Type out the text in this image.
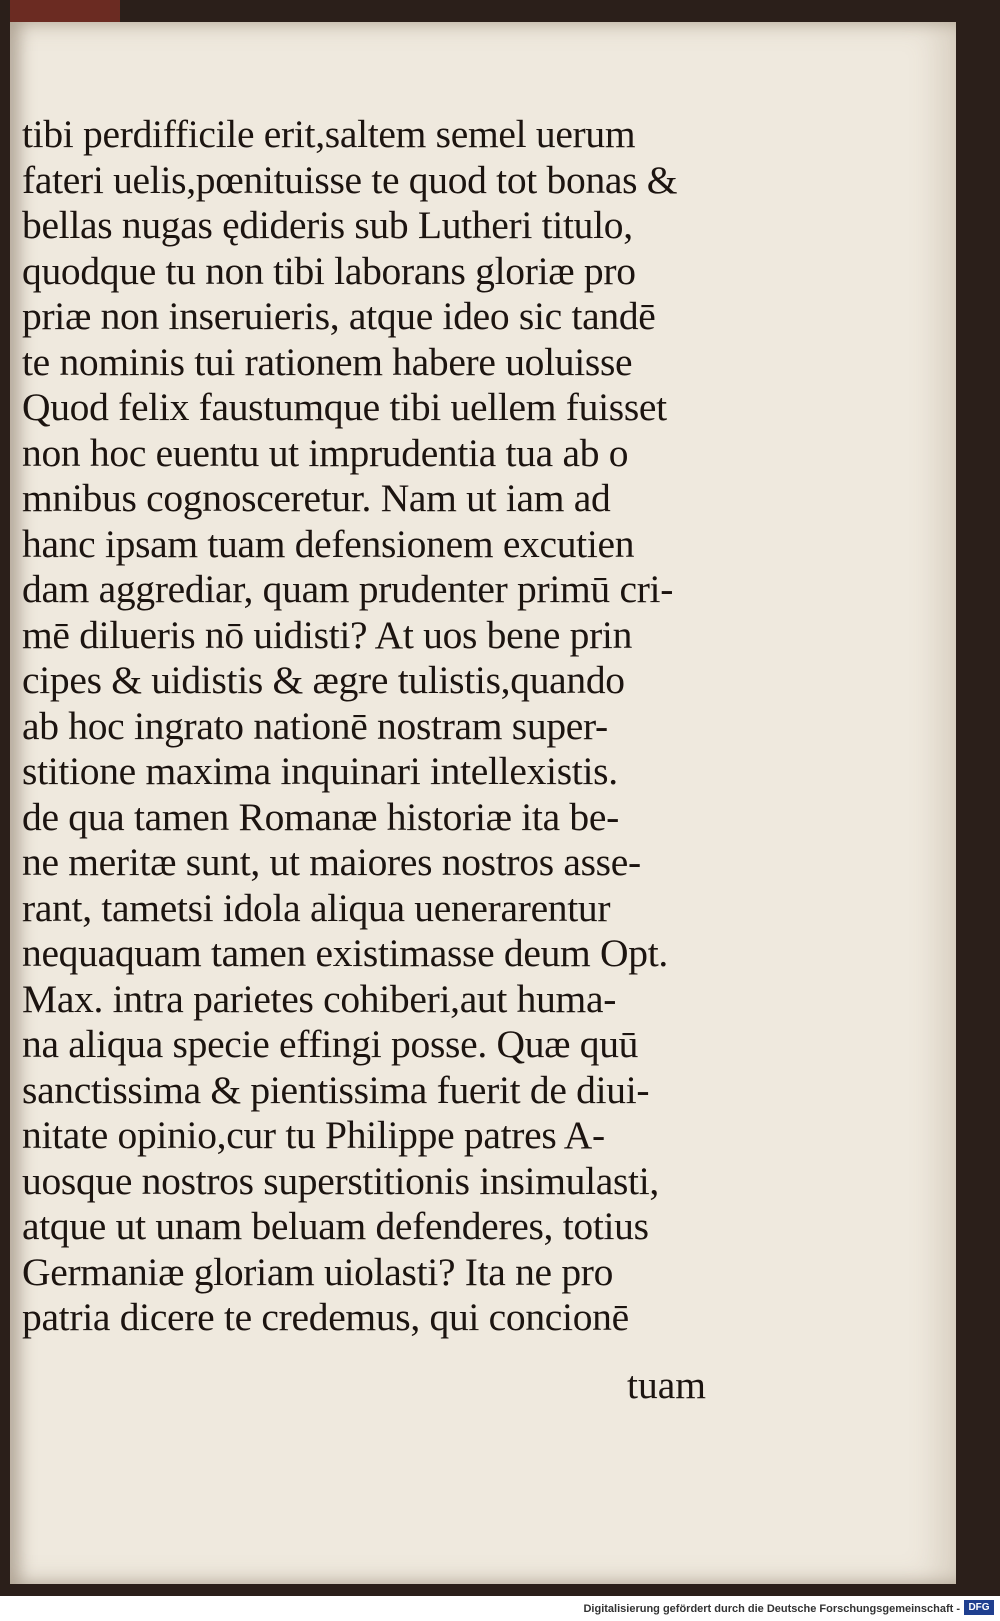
tibi perdifficile erit,saltem semel uerum
fateri uelis,pœnituisse te quod tot bonas &
bellas nugas ędideris sub Lutheri titulo,
quodque tu non tibi laborans gloriæ pro
priæ non inseruieris, atque ideo sic tandē
te nominis tui rationem habere uoluisse
Quod felix faustumque tibi uellem fuisset
non hoc euentu ut imprudentia tua ab o
mnibus cognosceretur. Nam ut iam ad
hanc ipsam tuam defensionem excutien
dam aggrediar, quam prudenter primū cri-
mē dilueris nō uidisti? At uos bene prin
cipes & uidistis & ægre tulistis,quando
ab hoc ingrato nationē nostram super-
stitione maxima inquinari intellexistis.
de qua tamen Romanæ historiæ ita be-
ne meritæ sunt, ut maiores nostros asse-
rant, tametsi idola aliqua uenerarentur
nequaquam tamen existimasse deum Opt.
Max. intra parietes cohiberi,aut huma-
na aliqua specie effingi posse. Quæ quū
sanctissima & pientissima fuerit de diui-
nitate opinio,cur tu Philippe patres A-
uosque nostros superstitionis insimulasti,
atque ut unam beluam defenderes, totius
Germaniæ gloriam uiolasti? Ita ne pro
patria dicere te credemus, qui concionē
tuam
Digitalisierung gefördert durch die Deutsche Forschungsgemeinschaft - DFG
